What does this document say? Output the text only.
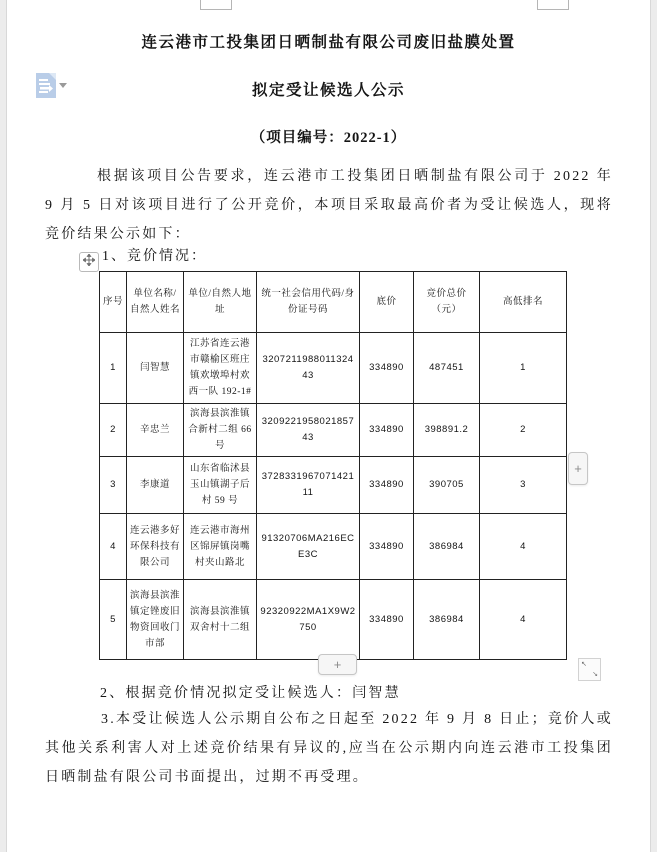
连云港市工投集团日晒制盐有限公司废旧盐膜处置
拟定受让候选人公示
（项目编号：2022-1）
根据该项目公告要求，连云港市工投集团日晒制盐有限公司于 2022 年 9 月 5 日对该项目进行了公开竞价，本项目采取最高价者为受让候选人，现将竞价结果公示如下：
1、竞价情况：
序号	单位名称/自然人姓名	单位/自然人地址	统一社会信用代码/身份证号码	底价	竞价总价（元）	高低排名
1	闫智慧	江苏省连云港市赣榆区班庄镇欢墩埠村欢西一队 192-1#	320721198801132443	334890	487451	1
2	辛忠兰	滨海县滨淮镇合新村二组 66号	320922195802185743	334890	398891.2	2
3	李康道	山东省临沭县玉山镇湖子后村 59 号	372833196707142111	334890	390705	3
4	连云港多好环保科技有限公司	连云港市海州区锦屏镇岗嘴村夹山路北	91320706MA216ECE3C	334890	386984	4
5	滨海县滨淮镇定锉废旧物资回收门市部	滨海县滨淮镇双舍村十二组	92320922MA1X9W2750	334890	386984	4
+
+	↖
↘
2、根据竞价情况拟定受让候选人：闫智慧
3.本受让候选人公示期自公布之日起至 2022 年 9 月 8 日止；竞价人或其他关系利害人对上述竞价结果有异议的,应当在公示期内向连云港市工投集团日晒制盐有限公司书面提出，过期不再受理。
